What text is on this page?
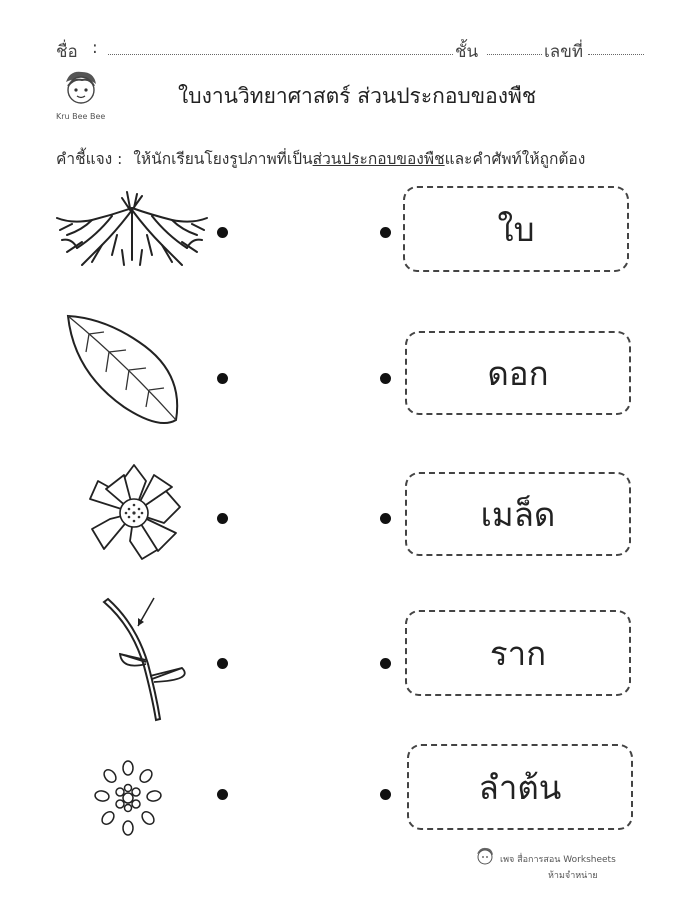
ชื่อ :	ชั้น	เลขที่
Kru Bee Bee
ใบงานวิทยาศาสตร์ ส่วนประกอบของพืช
คำชี้แจง : ให้นักเรียนโยงรูปภาพที่เป็นส่วนประกอบของพืชและคำศัพท์ให้ถูกต้อง
ใบ
ดอก
เมล็ด
ราก
ลำต้น
เพจ สื่อการสอน Worksheets
ห้ามจำหน่าย
